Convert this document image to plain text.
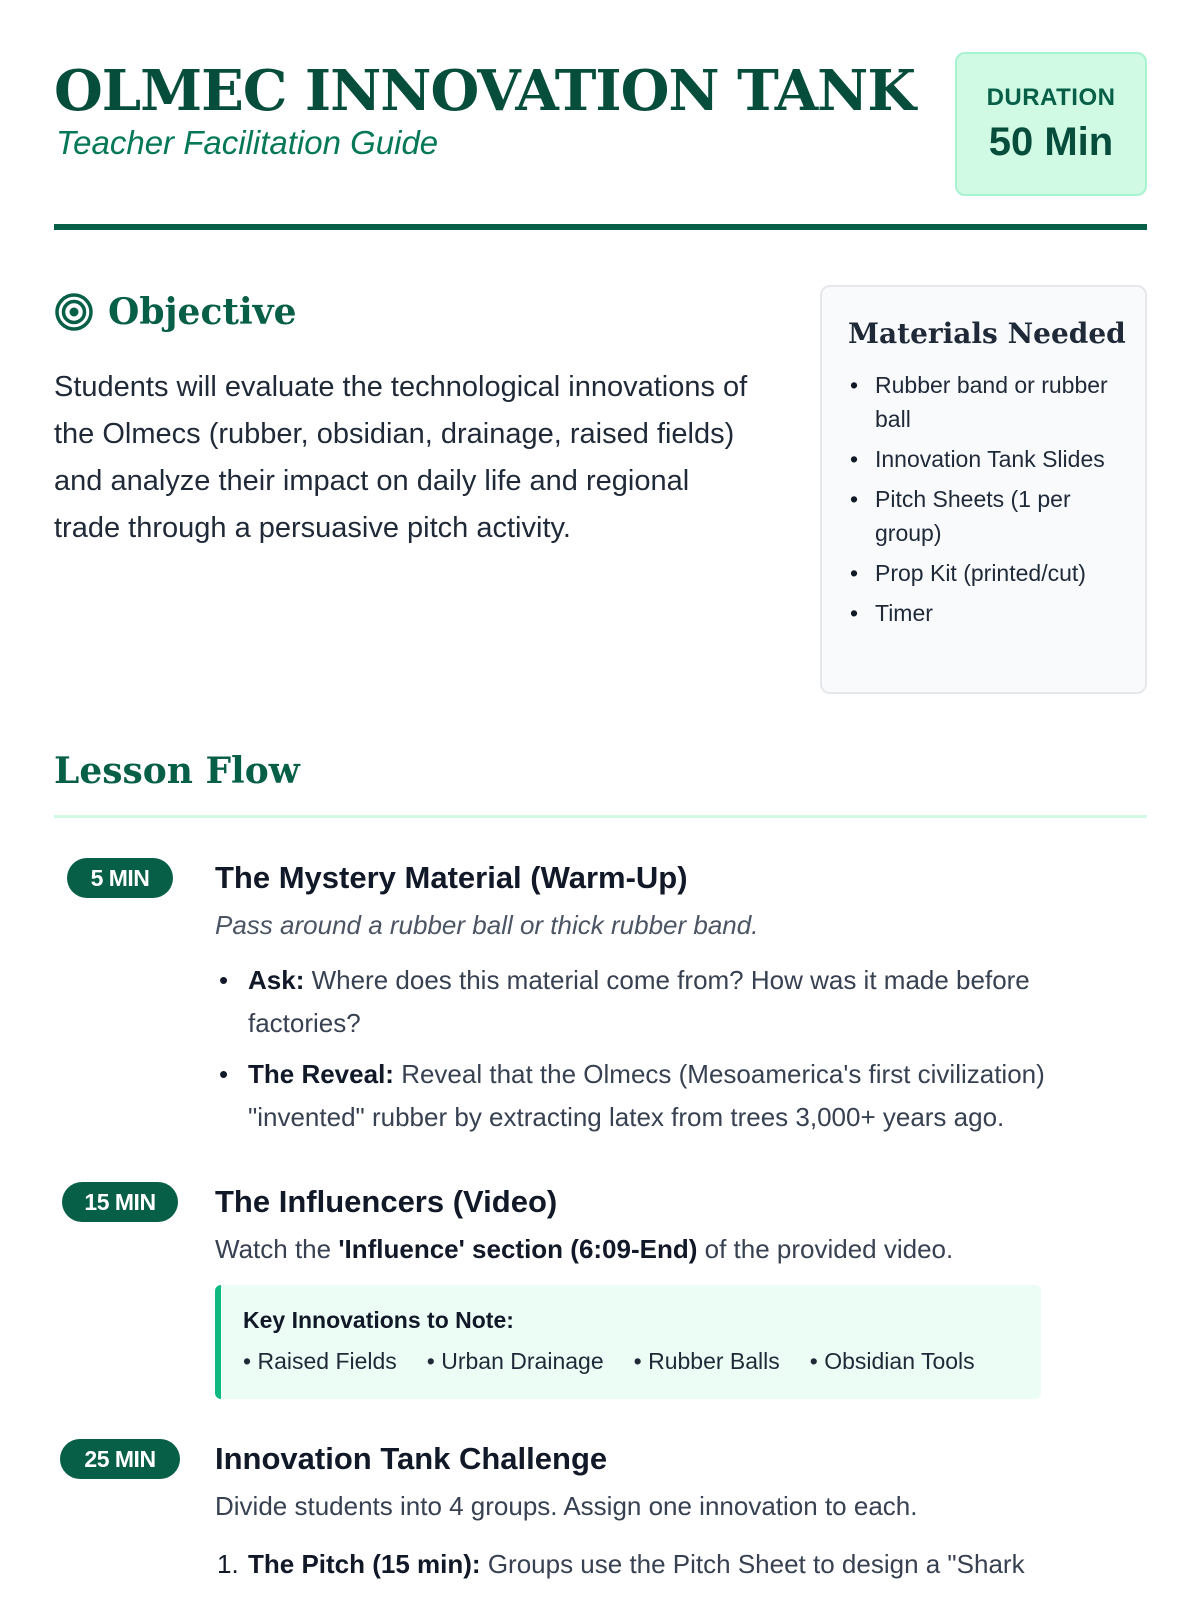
OLMEC INNOVATION TANK
Teacher Facilitation Guide
DURATION
50 Min
Objective

Students will evaluate the technological innovations of the Olmecs (rubber, obsidian, drainage, raised fields) and analyze their impact on daily life and regional trade through a persuasive pitch activity.

Materials Needed
• Rubber band or rubber ball
• Innovation Tank Slides
• Pitch Sheets (1 per group)
• Prop Kit (printed/cut)
• Timer
Lesson Flow
5 MIN	The Mystery Material (Warm-Up)
Pass around a rubber ball or thick rubber band.
• Ask: Where does this material come from? How was it made before factories?
• The Reveal: Reveal that the Olmecs (Mesoamerica's first civilization) "invented" rubber by extracting latex from trees 3,000+ years ago.
15 MIN	The Influencers (Video)
Watch the 'Influence' section (6:09-End) of the provided video.
Key Innovations to Note:
• Raised Fields • Urban Drainage • Rubber Balls • Obsidian Tools
25 MIN	Innovation Tank Challenge
Divide students into 4 groups. Assign one innovation to each.
1. The Pitch (15 min): Groups use the Pitch Sheet to design a "Shark
